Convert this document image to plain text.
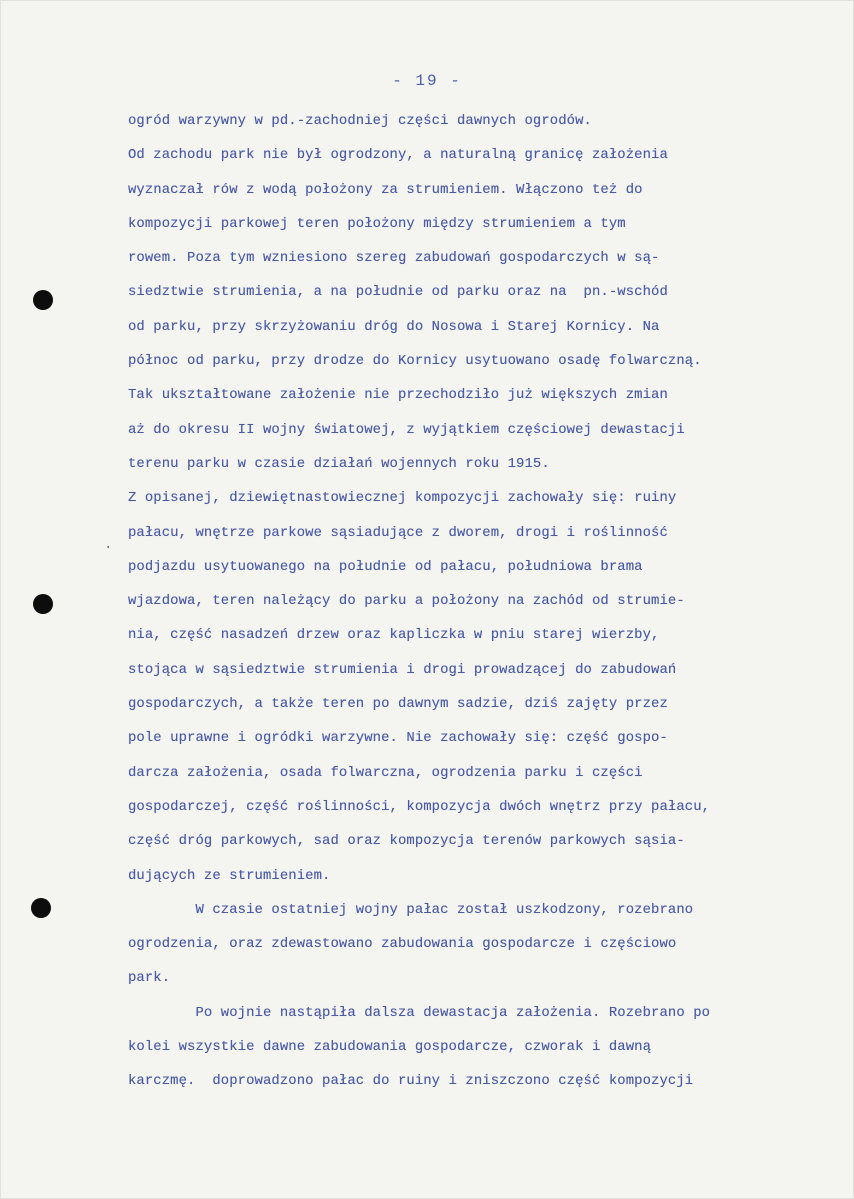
- 19 -
·
ogród warzywny w pd.-zachodniej części dawnych ogrodów.
Od zachodu park nie był ogrodzony, a naturalną granicę założenia
wyznaczał rów z wodą położony za strumieniem. Włączono też do
kompozycji parkowej teren położony między strumieniem a tym
rowem. Poza tym wzniesiono szereg zabudowań gospodarczych w są-
siedztwie strumienia, a na południe od parku oraz na  pn.-wschód
od parku, przy skrzyżowaniu dróg do Nosowa i Starej Kornicy. Na
północ od parku, przy drodze do Kornicy usytuowano osadę folwarczną.
Tak ukształtowane założenie nie przechodziło już większych zmian
aż do okresu II wojny światowej, z wyjątkiem częściowej dewastacji
terenu parku w czasie działań wojennych roku 1915.
Z opisanej, dziewiętnastowiecznej kompozycji zachowały się: ruiny
pałacu, wnętrze parkowe sąsiadujące z dworem, drogi i roślinność
podjazdu usytuowanego na południe od pałacu, południowa brama
wjazdowa, teren należący do parku a położony na zachód od strumie-
nia, część nasadzeń drzew oraz kapliczka w pniu starej wierzby,
stojąca w sąsiedztwie strumienia i drogi prowadzącej do zabudowań
gospodarczych, a także teren po dawnym sadzie, dziś zajęty przez
pole uprawne i ogródki warzywne. Nie zachowały się: część gospo-
darcza założenia, osada folwarczna, ogrodzenia parku i części
gospodarczej, część roślinności, kompozycja dwóch wnętrz przy pałacu,
część dróg parkowych, sad oraz kompozycja terenów parkowych sąsia-
dujących ze strumieniem.
W czasie ostatniej wojny pałac został uszkodzony, rozebrano
ogrodzenia, oraz zdewastowano zabudowania gospodarcze i częściowo
park.
Po wojnie nastąpiła dalsza dewastacja założenia. Rozebrano po
kolei wszystkie dawne zabudowania gospodarcze, czworak i dawną
karczmę.  doprowadzono pałac do ruiny i zniszczono część kompozycji
